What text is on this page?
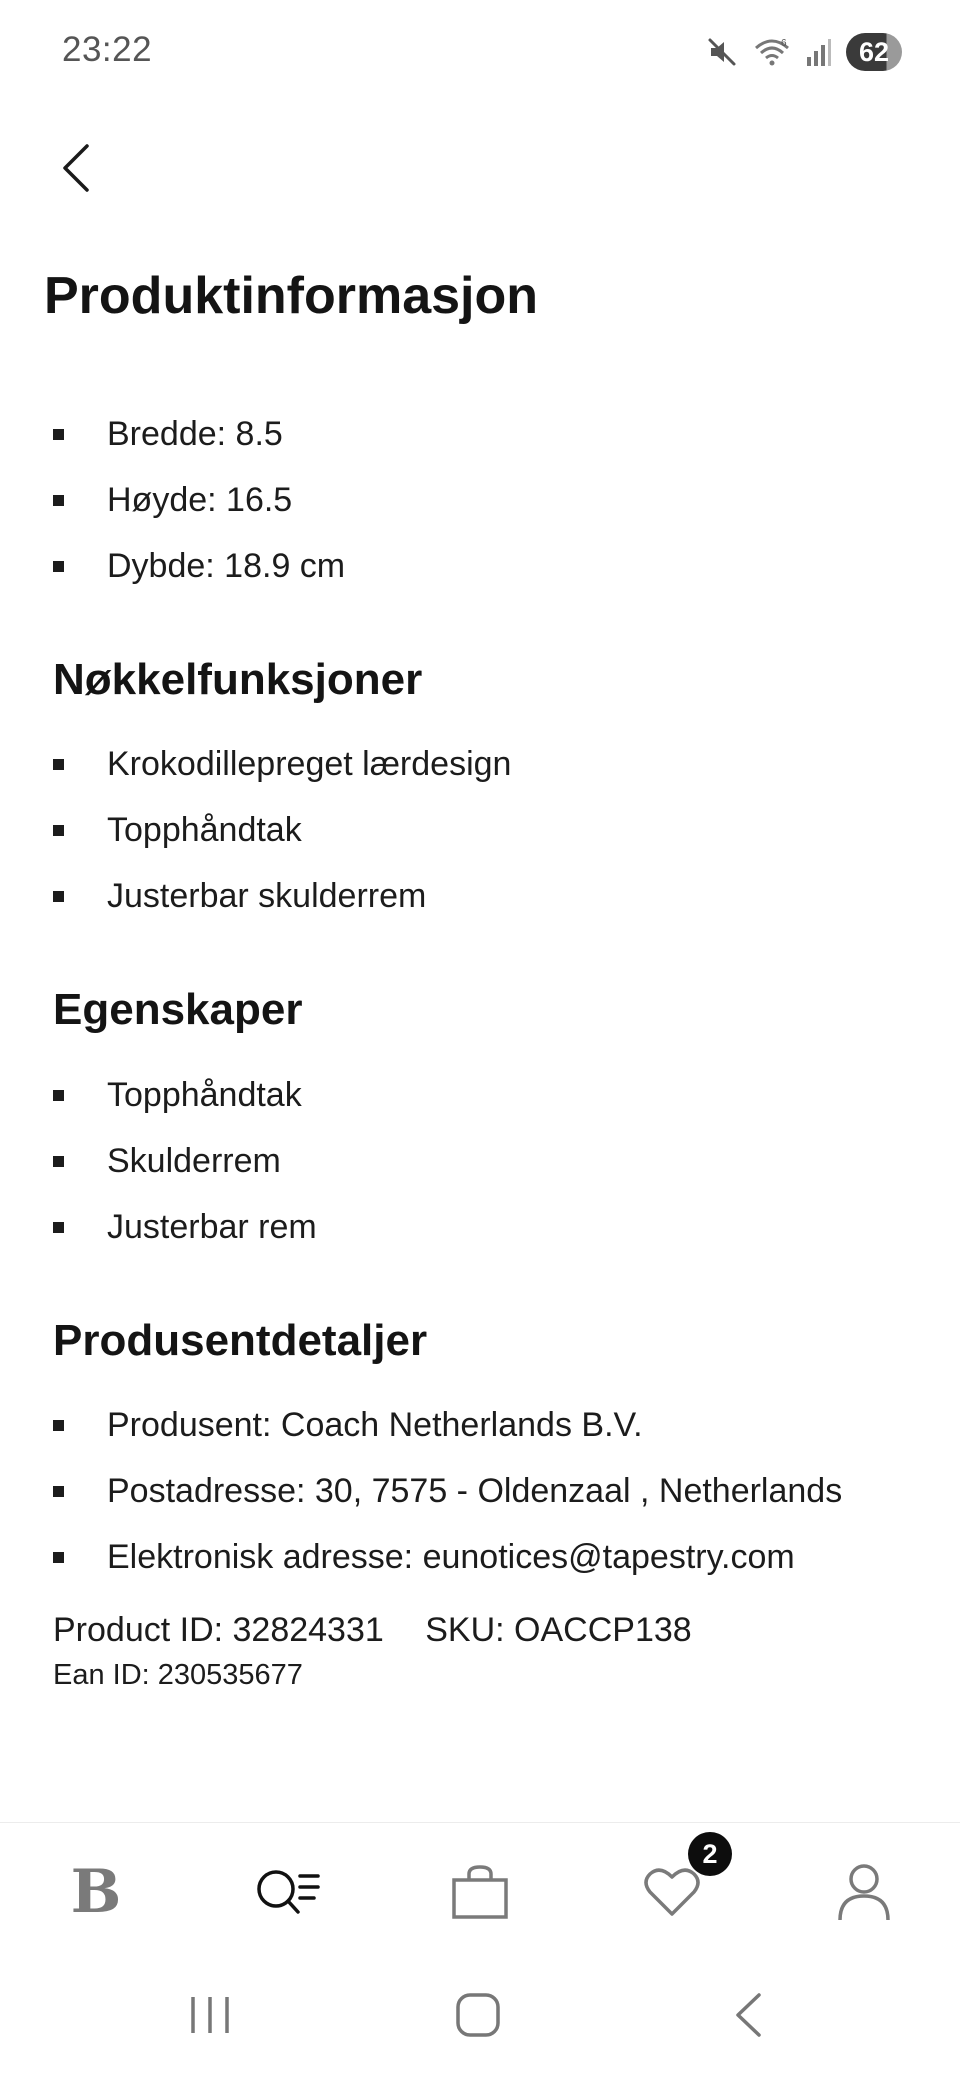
23:22	6	62
Produktinformasjon
Bredde: 8.5
Høyde: 16.5
Dybde: 18.9 cm
Nøkkelfunksjoner
Krokodillepreget lærdesign
Topphåndtak
Justerbar skulderrem
Egenskaper
Topphåndtak
Skulderrem
Justerbar rem
Produsentdetaljer
Produsent: Coach Netherlands B.V.
Postadresse: 30, 7575 - Oldenzaal , Netherlands
Elektronisk adresse: eunotices@tapestry.com
Product ID: 32824331 SKU: OACCP138
Ean ID: 230535677
B
2
